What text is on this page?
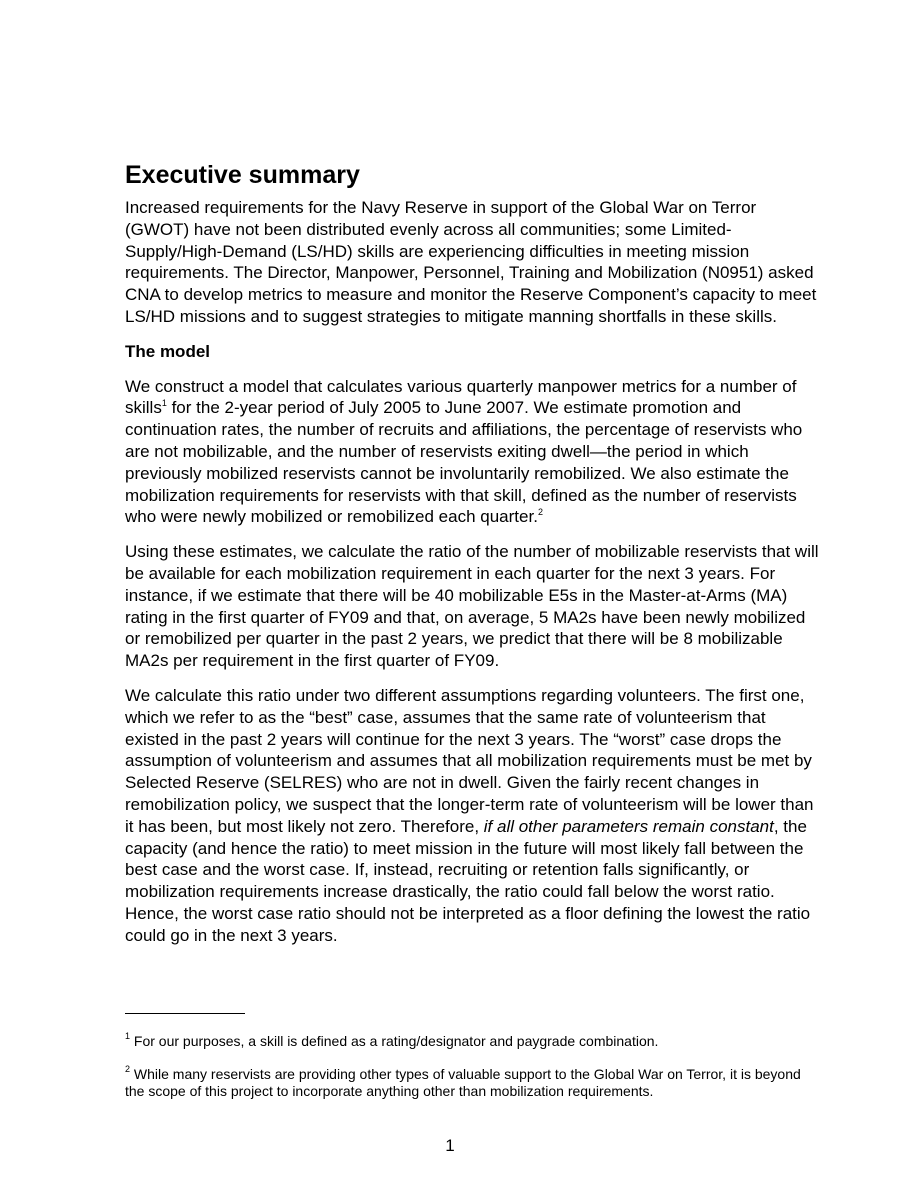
Executive summary

Increased requirements for the Navy Reserve in support of the Global War on Terror (GWOT) have not been distributed evenly across all communities; some Limited-Supply/High-Demand (LS/HD) skills are experiencing difficulties in meeting mission requirements. The Director, Manpower, Personnel, Training and Mobilization (N0951) asked CNA to develop metrics to measure and monitor the Reserve Component’s capacity to meet LS/HD missions and to suggest strategies to mitigate manning shortfalls in these skills.

The model

We construct a model that calculates various quarterly manpower metrics for a number of skills$^1$ for the 2-year period of July 2005 to June 2007. We estimate promotion and continuation rates, the number of recruits and affiliations, the percentage of reservists who are not mobilizable, and the number of reservists exiting dwell—the period in which previously mobilized reservists cannot be involuntarily remobilized. We also estimate the mobilization requirements for reservists with that skill, defined as the number of reservists who were newly mobilized or remobilized each quarter.$^2$

Using these estimates, we calculate the ratio of the number of mobilizable reservists that will be available for each mobilization requirement in each quarter for the next 3 years. For instance, if we estimate that there will be 40 mobilizable E5s in the Master-at-Arms (MA) rating in the first quarter of FY09 and that, on average, 5 MA2s have been newly mobilized or remobilized per quarter in the past 2 years, we predict that there will be 8 mobilizable MA2s per requirement in the first quarter of FY09.

We calculate this ratio under two different assumptions regarding volunteers. The first one, which we refer to as the “best” case, assumes that the same rate of volunteerism that existed in the past 2 years will continue for the next 3 years. The “worst” case drops the assumption of volunteerism and assumes that all mobilization requirements must be met by Selected Reserve (SELRES) who are not in dwell. Given the fairly recent changes in remobilization policy, we suspect that the longer-term rate of volunteerism will be lower than it has been, but most likely not zero. Therefore, if all other parameters remain constant, the capacity (and hence the ratio) to meet mission in the future will most likely fall between the best case and the worst case. If, instead, recruiting or retention falls significantly, or mobilization requirements increase drastically, the ratio could fall below the worst ratio. Hence, the worst case ratio should not be interpreted as a floor defining the lowest the ratio could go in the next 3 years.

$^1$ For our purposes, a skill is defined as a rating/designator and paygrade combination.

$^2$ While many reservists are providing other types of valuable support to the Global War on Terror, it is beyond the scope of this project to incorporate anything other than mobilization requirements.

1
